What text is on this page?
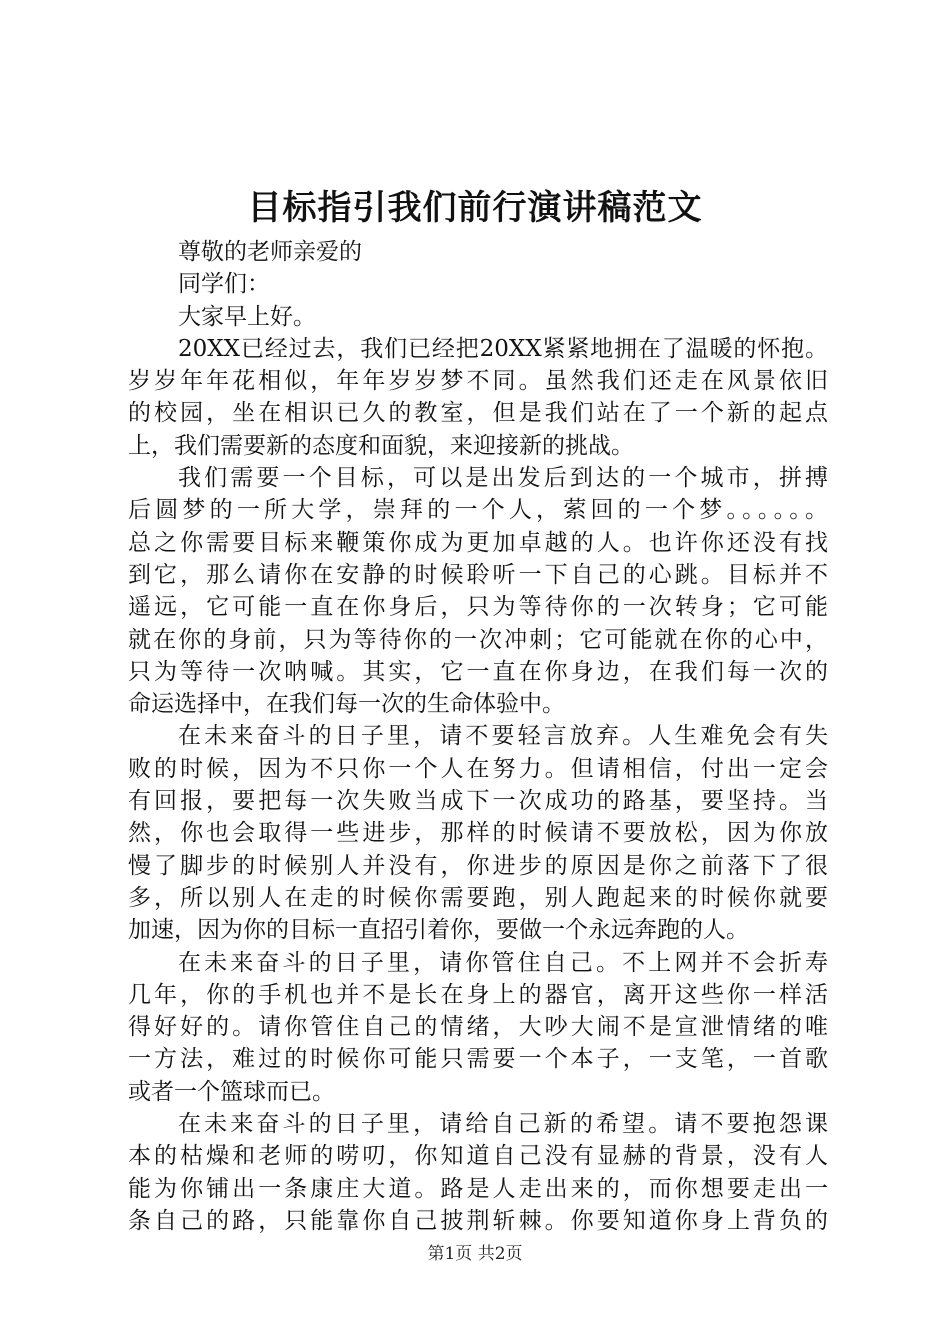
目标指引我们前行演讲稿范文
尊敬的老师亲爱的
同学们：
大家早上好。
20XX已经过去，我们已经把20XX紧紧地拥在了温暖的怀抱。
岁岁年年花相似，年年岁岁梦不同。虽然我们还走在风景依旧
的校园，坐在相识已久的教室，但是我们站在了一个新的起点
上，我们需要新的态度和面貌，来迎接新的挑战。
我们需要一个目标，可以是出发后到达的一个城市，拼搏
后圆梦的一所大学，崇拜的一个人，萦回的一个梦。。。。。。
总之你需要目标来鞭策你成为更加卓越的人。也许你还没有找
到它，那么请你在安静的时候聆听一下自己的心跳。目标并不
遥远，它可能一直在你身后，只为等待你的一次转身；它可能
就在你的身前，只为等待你的一次冲刺；它可能就在你的心中，
只为等待一次呐喊。其实，它一直在你身边，在我们每一次的
命运选择中，在我们每一次的生命体验中。
在未来奋斗的日子里，请不要轻言放弃。人生难免会有失
败的时候，因为不只你一个人在努力。但请相信，付出一定会
有回报，要把每一次失败当成下一次成功的路基，要坚持。当
然，你也会取得一些进步，那样的时候请不要放松，因为你放
慢了脚步的时候别人并没有，你进步的原因是你之前落下了很
多，所以别人在走的时候你需要跑，别人跑起来的时候你就要
加速，因为你的目标一直招引着你，要做一个永远奔跑的人。
在未来奋斗的日子里，请你管住自己。不上网并不会折寿
几年，你的手机也并不是长在身上的器官，离开这些你一样活
得好好的。请你管住自己的情绪，大吵大闹不是宣泄情绪的唯
一方法，难过的时候你可能只需要一个本子，一支笔，一首歌
或者一个篮球而已。
在未来奋斗的日子里，请给自己新的希望。请不要抱怨课
本的枯燥和老师的唠叨，你知道自己没有显赫的背景，没有人
能为你铺出一条康庄大道。路是人走出来的，而你想要走出一
条自己的路，只能靠你自己披荆斩棘。你要知道你身上背负的
第1页 共2页
